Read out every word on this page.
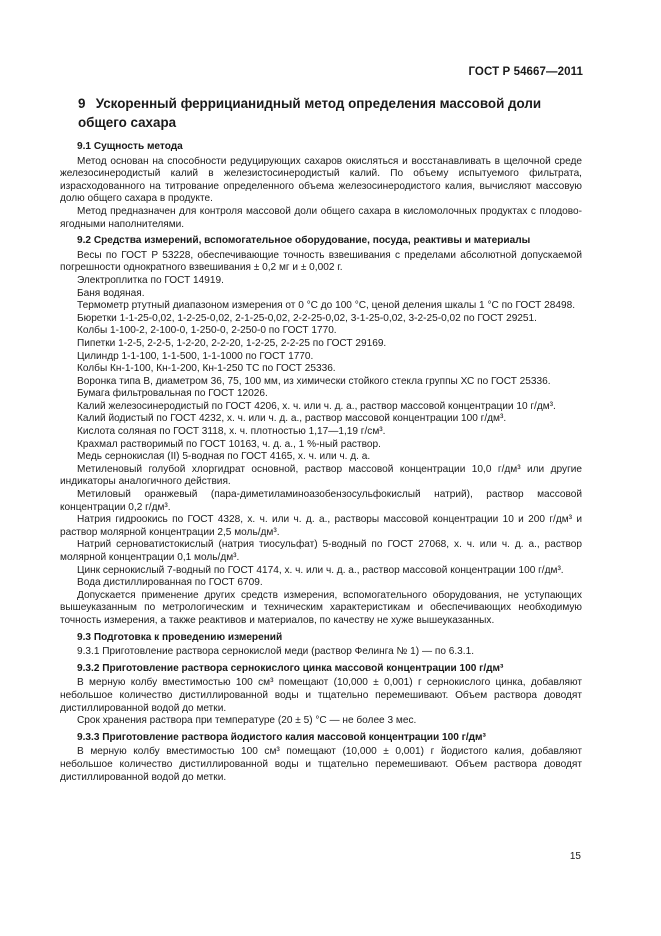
ГОСТ Р 54667—2011
9 Ускоренный феррицианидный метод определения массовой доли общего сахара

9.1 Сущность метода

Метод основан на способности редуцирующих сахаров окисляться и восстанавливать в щелочной среде железосинеродистый калий в железистосинеродистый калий. По объему испытуемого фильтрата, израсходованного на титрование определенного объема железосинеродистого калия, вычисляют массовую долю общего сахара в продукте.

Метод предназначен для контроля массовой доли общего сахара в кисломолочных продуктах с плодово-ягодными наполнителями.

9.2 Средства измерений, вспомогательное оборудование, посуда, реактивы и материалы

Весы по ГОСТ Р 53228, обеспечивающие точность взвешивания с пределами абсолютной допускаемой погрешности однократного взвешивания ± 0,2 мг и ± 0,002 г.

Электроплитка по ГОСТ 14919.

Баня водяная.

Термометр ртутный диапазоном измерения от 0 °С до 100 °С, ценой деления шкалы 1 °С по ГОСТ 28498.

Бюретки 1-1-25-0,02, 1-2-25-0,02, 2-1-25-0,02, 2-2-25-0,02, 3-1-25-0,02, 3-2-25-0,02 по ГОСТ 29251.

Колбы 1-100-2, 2-100-0, 1-250-0, 2-250-0 по ГОСТ 1770.

Пипетки 1-2-5, 2-2-5, 1-2-20, 2-2-20, 1-2-25, 2-2-25 по ГОСТ 29169.

Цилиндр 1-1-100, 1-1-500, 1-1-1000 по ГОСТ 1770.

Колбы Кн-1-100, Кн-1-200, Кн-1-250 ТС по ГОСТ 25336.

Воронка типа В, диаметром 36, 75, 100 мм, из химически стойкого стекла группы ХС по ГОСТ 25336.

Бумага фильтровальная по ГОСТ 12026.

Калий железосинеродистый по ГОСТ 4206, х. ч. или ч. д. а., раствор массовой концентрации 10 г/дм³.

Калий йодистый по ГОСТ 4232, х. ч. или ч. д. а., раствор массовой концентрации 100 г/дм³.

Кислота соляная по ГОСТ 3118, х. ч. плотностью 1,17—1,19 г/см³.

Крахмал растворимый по ГОСТ 10163, ч. д. а., 1 %-ный раствор.

Медь сернокислая (II) 5-водная по ГОСТ 4165, х. ч. или ч. д. а.

Метиленовый голубой хлоргидрат основной, раствор массовой концентрации 10,0 г/дм³ или другие индикаторы аналогичного действия.

Метиловый оранжевый (пара-диметиламиноазобензосульфокислый натрий), раствор массовой концентрации 0,2 г/дм³.

Натрия гидроокись по ГОСТ 4328, х. ч. или ч. д. а., растворы массовой концентрации 10 и 200 г/дм³ и раствор молярной концентрации 2,5 моль/дм³.

Натрий серноватистокислый (натрия тиосульфат) 5-водный по ГОСТ 27068, х. ч. или ч. д. а., раствор молярной концентрации 0,1 моль/дм³.

Цинк сернокислый 7-водный по ГОСТ 4174, х. ч. или ч. д. а., раствор массовой концентрации 100 г/дм³.

Вода дистиллированная по ГОСТ 6709.

Допускается применение других средств измерения, вспомогательного оборудования, не уступающих вышеуказанным по метрологическим и техническим характеристикам и обеспечивающих необходимую точность измерения, а также реактивов и материалов, по качеству не хуже вышеуказанных.

9.3 Подготовка к проведению измерений

9.3.1 Приготовление раствора сернокислой меди (раствор Фелинга № 1) — по 6.3.1.

9.3.2 Приготовление раствора сернокислого цинка массовой концентрации 100 г/дм³

В мерную колбу вместимостью 100 см³ помещают (10,000 ± 0,001) г сернокислого цинка, добавляют небольшое количество дистиллированной воды и тщательно перемешивают. Объем раствора доводят дистиллированной водой до метки.

Срок хранения раствора при температуре (20 ± 5) °С — не более 3 мес.

9.3.3 Приготовление раствора йодистого калия массовой концентрации 100 г/дм³

В мерную колбу вместимостью 100 см³ помещают (10,000 ± 0,001) г йодистого калия, добавляют небольшое количество дистиллированной воды и тщательно перемешивают. Объем раствора доводят дистиллированной водой до метки.

15
